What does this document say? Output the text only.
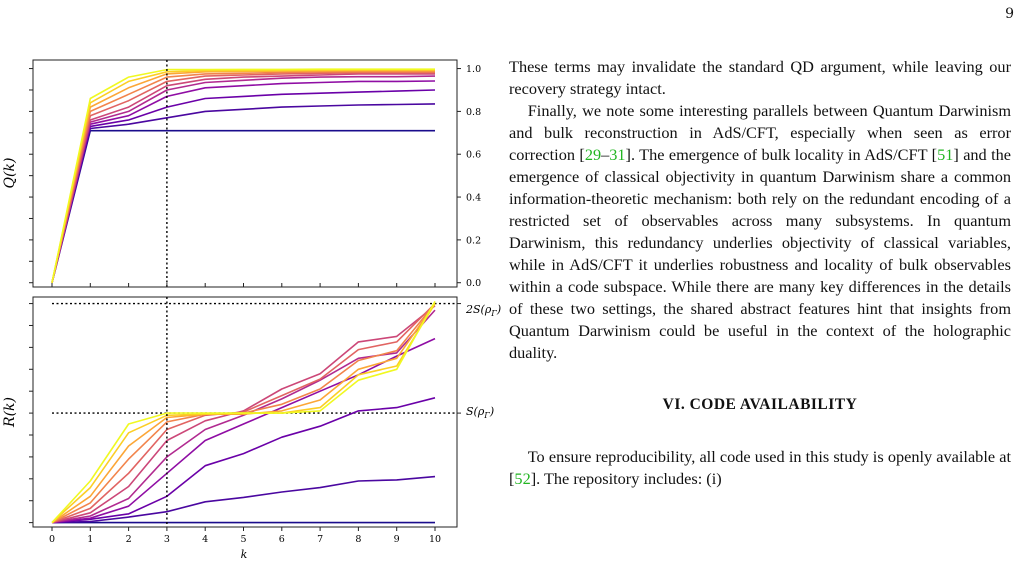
9
0.0
0.2
0.4
0.6
0.8
1.0
Q(k)
0	1	2	3	4	5	6	7	8	9	10
R(k)
$2S(\rho_\Gamma)$
$S(\rho_\Gamma)$
k

These terms may invalidate the standard QD argument, while leaving our recovery strategy intact.

Finally, we note some interesting parallels between Quantum Darwinism and bulk reconstruction in AdS/CFT, especially when seen as error correction [29–31]. The emergence of bulk locality in AdS/CFT [51] and the emergence of classical objectivity in quantum Darwinism share a common information-theoretic mechanism: both rely on the redundant encoding of a restricted set of observables across many subsystems. In quantum Darwinism, this redundancy underlies objectivity of classical variables, while in AdS/CFT it underlies robustness and locality of bulk observables within a code subspace. While there are many key differences in the details of these two settings, the shared abstract features hint that insights from Quantum Darwinism could be useful in the context of the holographic duality.

VI. CODE AVAILABILITY

To ensure reproducibility, all code used in this study is openly available at [52]. The repository includes: (i)
